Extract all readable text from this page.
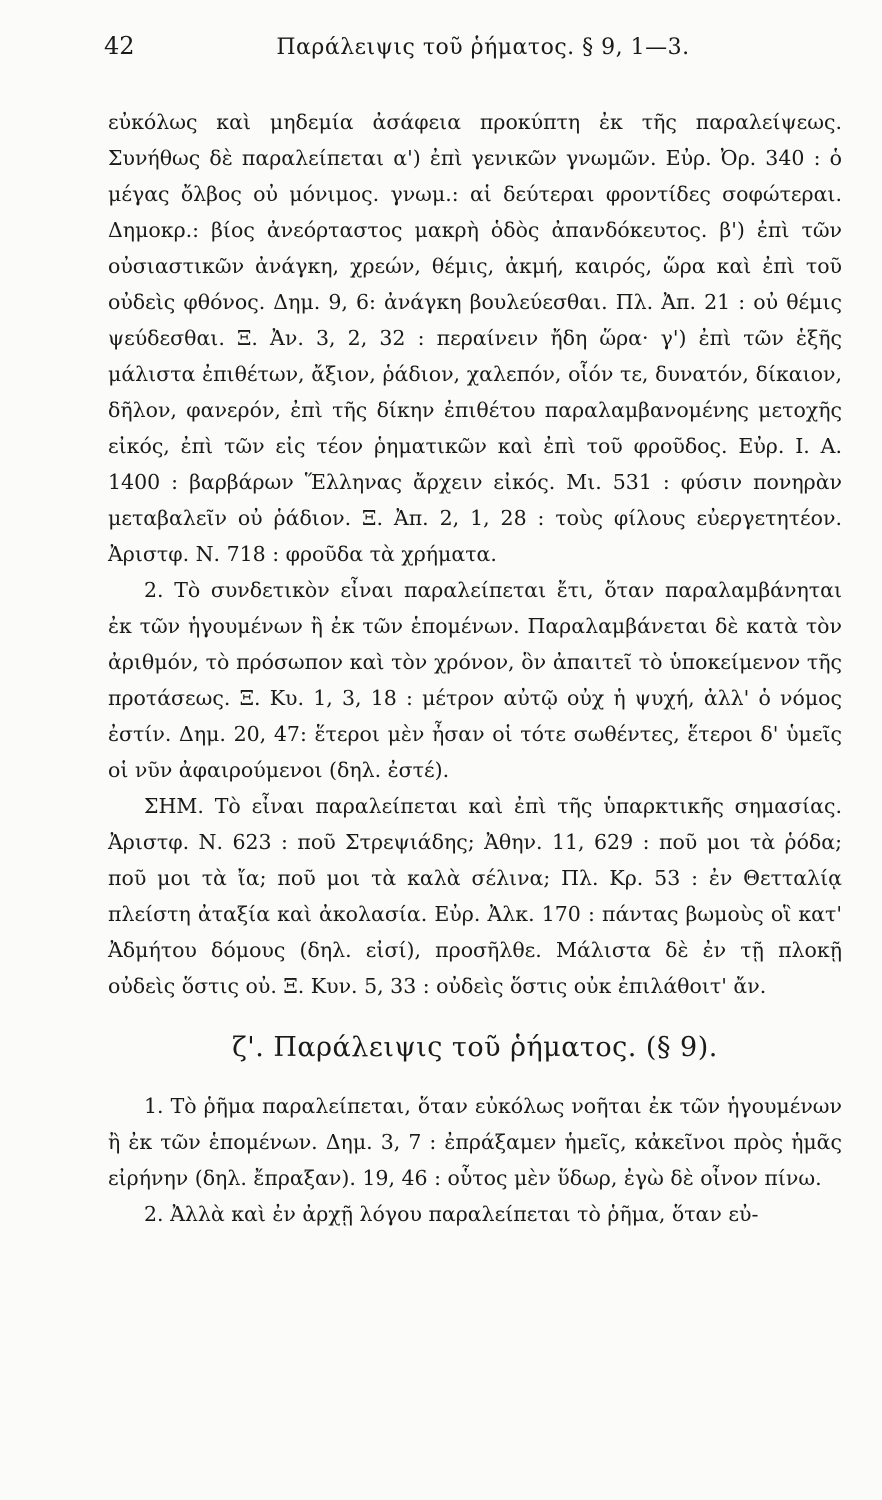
42	Παράλειψις τοῦ ῥήματος. § 9, 1—3.

εὐκόλως καὶ μηδεμία ἀσάφεια προκύπτη ἐκ τῆς παραλείψεως. Συνήθως δὲ παραλείπεται α') ἐπὶ γενικῶν γνωμῶν. Εὐρ. Ὀρ. 340 : ὁ μέγας ὄλβος οὐ μόνιμος. γνωμ.: αἱ δεύτεραι φροντίδες σοφώτεραι. Δημοκρ.: βίος ἀνεόρταστος μακρὴ ὁδὸς ἀπανδόκευτος. β') ἐπὶ τῶν οὐσιαστικῶν ἀνάγκη, χρεών, θέμις, ἀκμή, καιρός, ὥρα καὶ ἐπὶ τοῦ οὐδεὶς φθόνος. Δημ. 9, 6: ἀνάγκη βουλεύεσθαι. Πλ. Ἀπ. 21 : οὐ θέμις ψεύδεσθαι. Ξ. Ἀν. 3, 2, 32 : περαίνειν ἤδη ὥρα· γ') ἐπὶ τῶν ἑξῆς μάλιστα ἐπιθέτων, ἄξιον, ῥάδιον, χαλεπόν, οἷόν τε, δυνατόν, δίκαιον, δῆλον, φανερόν, ἐπὶ τῆς δίκην ἐπιθέτου παραλαμβανομένης μετοχῆς εἰκός, ἐπὶ τῶν εἰς τέον ῥηματικῶν καὶ ἐπὶ τοῦ φροῦδος. Εὐρ. Ι. Α. 1400 : βαρβάρων Ἕλληνας ἄρχειν εἰκός. Μι. 531 : φύσιν πονηρὰν μεταβαλεῖν οὐ ῥάδιον. Ξ. Ἀπ. 2, 1, 28 : τοὺς φίλους εὐεργετητέον. Ἀριστφ. Ν. 718 : φροῦδα τὰ χρήματα.

2. Τὸ συνδετικὸν εἶναι παραλείπεται ἔτι, ὅταν παραλαμβάνηται ἐκ τῶν ἡγουμένων ἢ ἐκ τῶν ἑπομένων. Παραλαμβάνεται δὲ κατὰ τὸν ἀριθμόν, τὸ πρόσωπον καὶ τὸν χρόνον, ὃν ἀπαιτεῖ τὸ ὑποκείμενον τῆς προτάσεως. Ξ. Κυ. 1, 3, 18 : μέτρον αὐτῷ οὐχ ἡ ψυχή, ἀλλ' ὁ νόμος ἐστίν. Δημ. 20, 47: ἕτεροι μὲν ἦσαν οἱ τότε σωθέντες, ἕτεροι δ' ὑμεῖς οἱ νῦν ἀφαιρούμενοι (δηλ. ἐστέ).

ΣΗΜ. Τὸ εἶναι παραλείπεται καὶ ἐπὶ τῆς ὑπαρκτικῆς σημασίας. Ἀριστφ. Ν. 623 : ποῦ Στρεψιάδης; Ἀθην. 11, 629 : ποῦ μοι τὰ ῥόδα; ποῦ μοι τὰ ἴα; ποῦ μοι τὰ καλὰ σέλινα; Πλ. Κρ. 53 : ἐν Θετταλίᾳ πλείστη ἀταξία καὶ ἀκολασία. Εὐρ. Ἀλκ. 170 : πάντας βωμοὺς οἳ κατ' Ἀδμήτου δόμους (δηλ. εἰσί), προσῆλθε. Μάλιστα δὲ ἐν τῇ πλοκῇ οὐδεὶς ὅστις οὐ. Ξ. Κυν. 5, 33 : οὐδεὶς ὅστις οὐκ ἐπιλάθοιτ' ἄν.

ζ'. Παράλειψις τοῦ ῥήματος. (§ 9).

1. Τὸ ῥῆμα παραλείπεται, ὅταν εὐκόλως νοῆται ἐκ τῶν ἡγουμένων ἢ ἐκ τῶν ἑπομένων. Δημ. 3, 7 : ἐπράξαμεν ἡμεῖς, κἀκεῖνοι πρὸς ἡμᾶς εἰρήνην (δηλ. ἔπραξαν). 19, 46 : οὗτος μὲν ὕδωρ, ἐγὼ δὲ οἶνον πίνω.

2. Ἀλλὰ καὶ ἐν ἀρχῇ λόγου παραλείπεται τὸ ῥῆμα, ὅταν εὐ-
